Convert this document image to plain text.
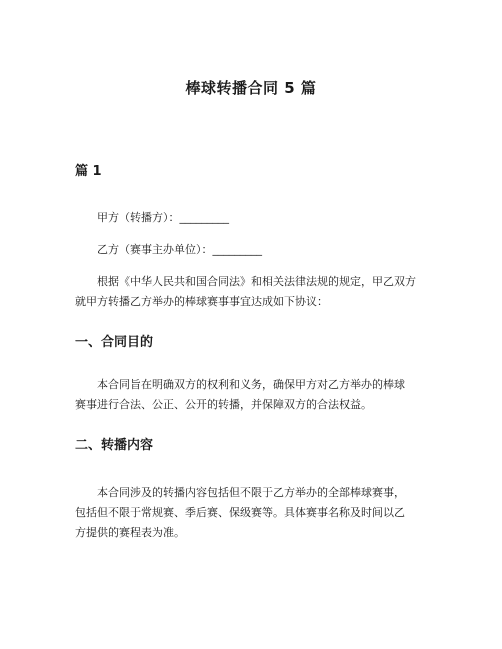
棒球转播合同 5 篇
篇 1
甲方（转播方）：_________
乙方（赛事主办单位）：_________
根据《中华人民共和国合同法》和相关法律法规的规定，甲乙双方
就甲方转播乙方举办的棒球赛事事宜达成如下协议：
一、合同目的
本合同旨在明确双方的权利和义务，确保甲方对乙方举办的棒球
赛事进行合法、公正、公开的转播，并保障双方的合法权益。
二、转播内容
本合同涉及的转播内容包括但不限于乙方举办的全部棒球赛事，
包括但不限于常规赛、季后赛、保级赛等。具体赛事名称及时间以乙
方提供的赛程表为准。
